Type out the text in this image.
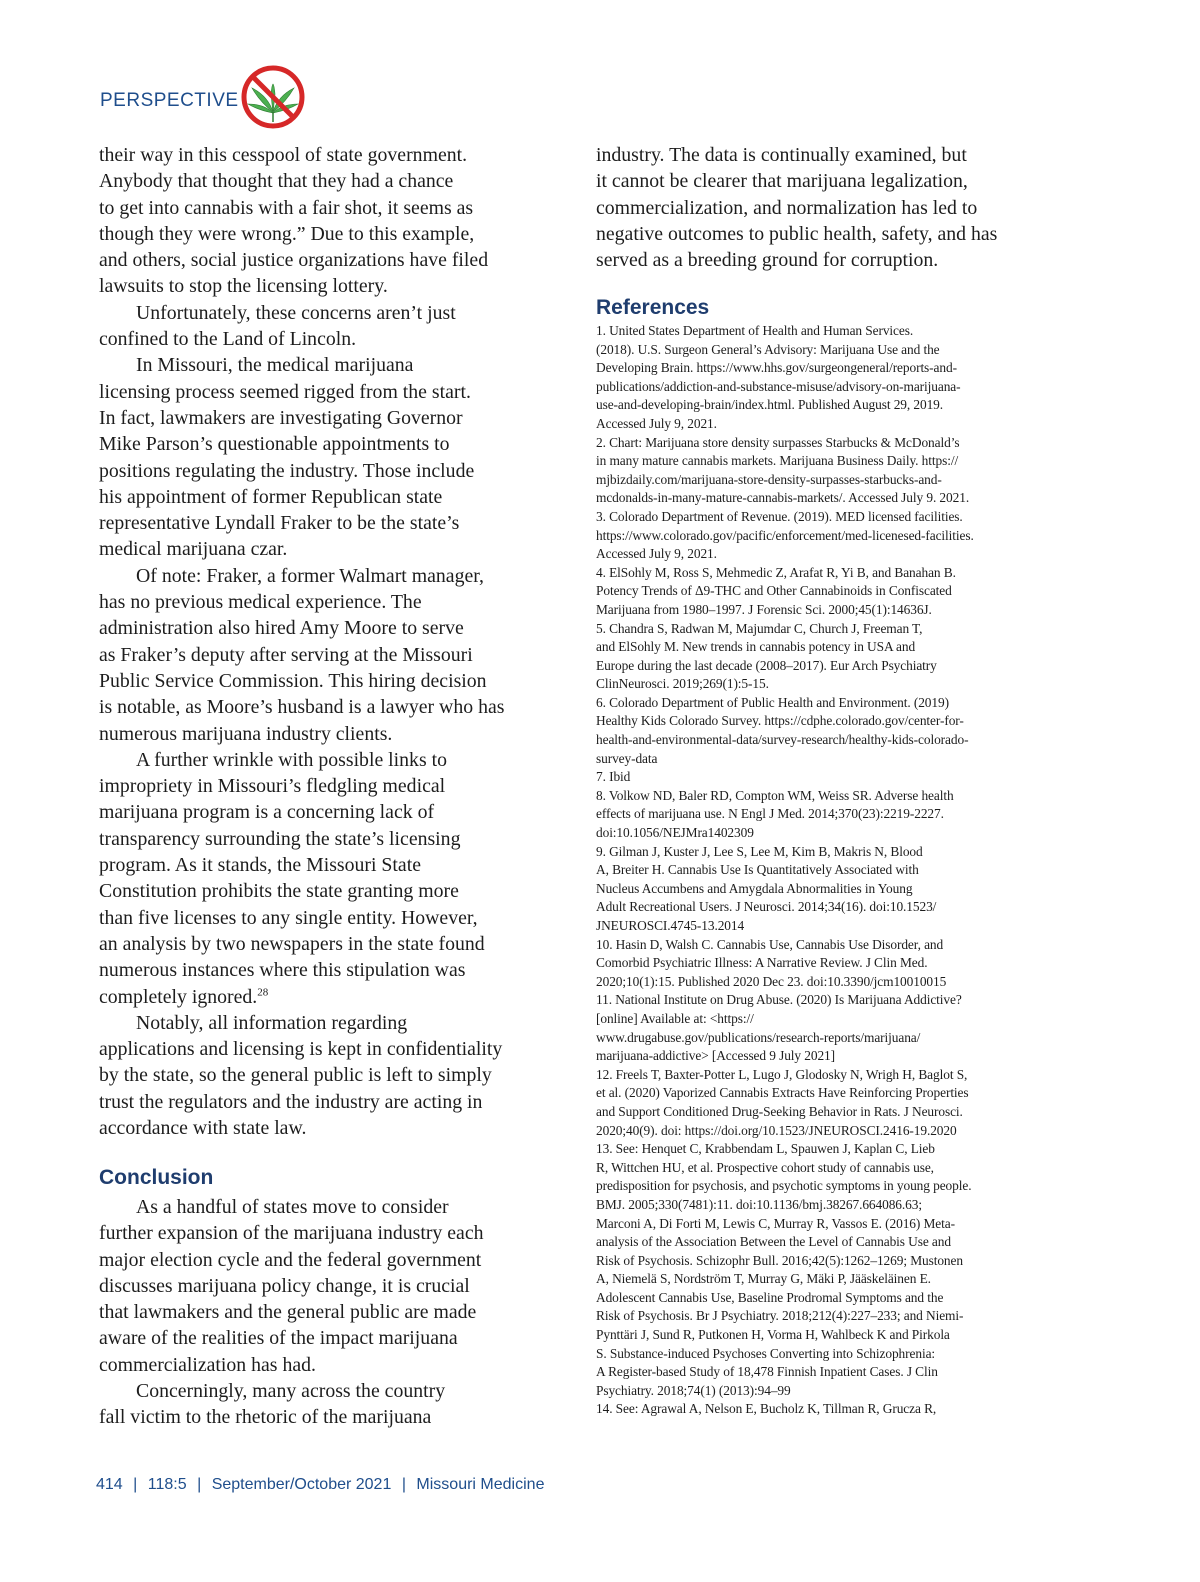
PERSPECTIVE

their way in this cesspool of state government.
Anybody that thought that they had a chance
to get into cannabis with a fair shot, it seems as
though they were wrong.” Due to this example,
and others, social justice organizations have filed
lawsuits to stop the licensing lottery.

Unfortunately, these concerns aren’t just
confined to the Land of Lincoln.

In Missouri, the medical marijuana
licensing process seemed rigged from the start.
In fact, lawmakers are investigating Governor
Mike Parson’s questionable appointments to
positions regulating the industry. Those include
his appointment of former Republican state
representative Lyndall Fraker to be the state’s
medical marijuana czar.

Of note: Fraker, a former Walmart manager,
has no previous medical experience. The
administration also hired Amy Moore to serve
as Fraker’s deputy after serving at the Missouri
Public Service Commission. This hiring decision
is notable, as Moore’s husband is a lawyer who has
numerous marijuana industry clients.

A further wrinkle with possible links to
impropriety in Missouri’s fledgling medical
marijuana program is a concerning lack of
transparency surrounding the state’s licensing
program. As it stands, the Missouri State
Constitution prohibits the state granting more
than five licenses to any single entity. However,
an analysis by two newspapers in the state found
numerous instances where this stipulation was
completely ignored.$^{28}$

Notably, all information regarding
applications and licensing is kept in confidentiality
by the state, so the general public is left to simply
trust the regulators and the industry are acting in
accordance with state law.

Conclusion

As a handful of states move to consider
further expansion of the marijuana industry each
major election cycle and the federal government
discusses marijuana policy change, it is crucial
that lawmakers and the general public are made
aware of the realities of the impact marijuana
commercialization has had.

Concerningly, many across the country
fall victim to the rhetoric of the marijuana

industry. The data is continually examined, but
it cannot be clearer that marijuana legalization,
commercialization, and normalization has led to
negative outcomes to public health, safety, and has
served as a breeding ground for corruption.

References
1. United States Department of Health and Human Services.
(2018). U.S. Surgeon General’s Advisory: Marijuana Use and the
Developing Brain. https://www.hhs.gov/surgeongeneral/reports-and-
publications/addiction-and-substance-misuse/advisory-on-marijuana-
use-and-developing-brain/index.html. Published August 29, 2019.
Accessed July 9, 2021.
2. Chart: Marijuana store density surpasses Starbucks & McDonald’s
in many mature cannabis markets. Marijuana Business Daily. https://
mjbizdaily.com/marijuana-store-density-surpasses-starbucks-and-
mcdonalds-in-many-mature-cannabis-markets/. Accessed July 9. 2021.
3. Colorado Department of Revenue. (2019). MED licensed facilities.
https://www.colorado.gov/pacific/enforcement/med-licenesed-facilities.
Accessed July 9, 2021.
4. ElSohly M, Ross S, Mehmedic Z, Arafat R, Yi B, and Banahan B.
Potency Trends of Δ9-THC and Other Cannabinoids in Confiscated
Marijuana from 1980–1997. J Forensic Sci. 2000;45(1):14636J.
5. Chandra S, Radwan M, Majumdar C, Church J, Freeman T,
and ElSohly M. New trends in cannabis potency in USA and
Europe during the last decade (2008–2017). Eur Arch Psychiatry
ClinNeurosci. 2019;269(1):5-15.
6. Colorado Department of Public Health and Environment. (2019)
Healthy Kids Colorado Survey. https://cdphe.colorado.gov/center-for-
health-and-environmental-data/survey-research/healthy-kids-colorado-
survey-data
7. Ibid
8. Volkow ND, Baler RD, Compton WM, Weiss SR. Adverse health
effects of marijuana use. N Engl J Med. 2014;370(23):2219-2227.
doi:10.1056/NEJMra1402309
9. Gilman J, Kuster J, Lee S, Lee M, Kim B, Makris N, Blood
A, Breiter H. Cannabis Use Is Quantitatively Associated with
Nucleus Accumbens and Amygdala Abnormalities in Young
Adult Recreational Users. J Neurosci. 2014;34(16). doi:10.1523/
JNEUROSCI.4745-13.2014
10. Hasin D, Walsh C. Cannabis Use, Cannabis Use Disorder, and
Comorbid Psychiatric Illness: A Narrative Review. J Clin Med.
2020;10(1):15. Published 2020 Dec 23. doi:10.3390/jcm10010015
11. National Institute on Drug Abuse. (2020) Is Marijuana Addictive?
[online] Available at: <https://
www.drugabuse.gov/publications/research-reports/marijuana/
marijuana-addictive> [Accessed 9 July 2021]
12. Freels T, Baxter-Potter L, Lugo J, Glodosky N, Wrigh H, Baglot S,
et al. (2020) Vaporized Cannabis Extracts Have Reinforcing Properties
and Support Conditioned Drug-Seeking Behavior in Rats. J Neurosci.
2020;40(9). doi: https://doi.org/10.1523/JNEUROSCI.2416-19.2020
13. See: Henquet C, Krabbendam L, Spauwen J, Kaplan C, Lieb
R, Wittchen HU, et al. Prospective cohort study of cannabis use,
predisposition for psychosis, and psychotic symptoms in young people.
BMJ. 2005;330(7481):11. doi:10.1136/bmj.38267.664086.63;
Marconi A, Di Forti M, Lewis C, Murray R, Vassos E. (2016) Meta-
analysis of the Association Between the Level of Cannabis Use and
Risk of Psychosis. Schizophr Bull. 2016;42(5):1262–1269; Mustonen
A, Niemelä S, Nordström T, Murray G, Mäki P, Jääskeläinen E.
Adolescent Cannabis Use, Baseline Prodromal Symptoms and the
Risk of Psychosis. Br J Psychiatry. 2018;212(4):227–233; and Niemi-
Pynttäri J, Sund R, Putkonen H, Vorma H, Wahlbeck K and Pirkola
S. Substance-induced Psychoses Converting into Schizophrenia:
A Register-based Study of 18,478 Finnish Inpatient Cases. J Clin
Psychiatry. 2018;74(1) (2013):94–99
14. See: Agrawal A, Nelson E, Bucholz K, Tillman R, Grucza R,
414 | 118:5 | September/October 2021 | Missouri Medicine
